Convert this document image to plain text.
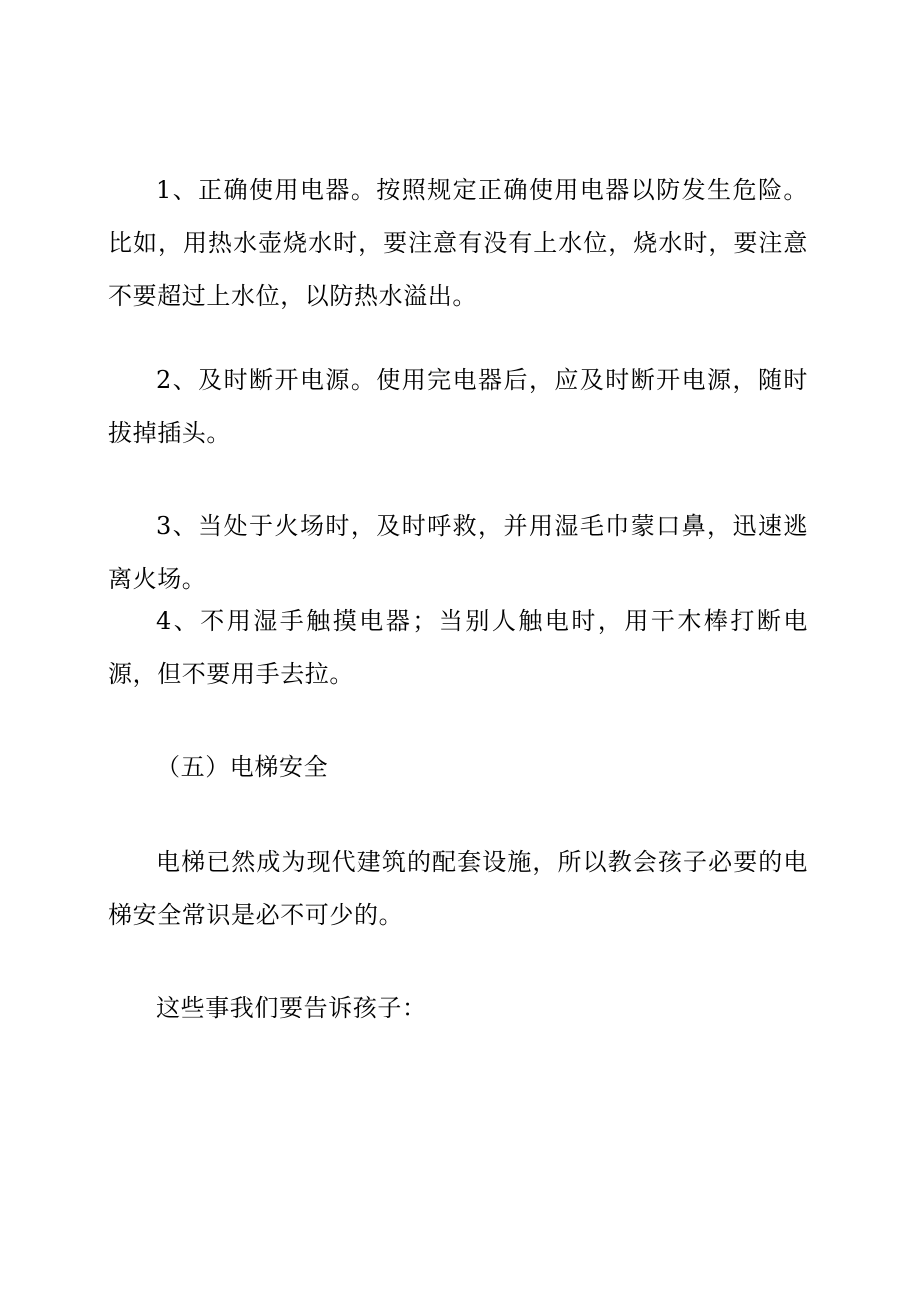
1、正确使用电器。按照规定正确使用电器以防发生危险。比如，用热水壶烧水时，要注意有没有上水位，烧水时，要注意不要超过上水位，以防热水溢出。

2、及时断开电源。使用完电器后，应及时断开电源，随时拔掉插头。

3、当处于火场时，及时呼救，并用湿毛巾蒙口鼻，迅速逃离火场。

4、不用湿手触摸电器；当别人触电时，用干木棒打断电源，但不要用手去拉。

（五）电梯安全

电梯已然成为现代建筑的配套设施，所以教会孩子必要的电梯安全常识是必不可少的。

这些事我们要告诉孩子：
